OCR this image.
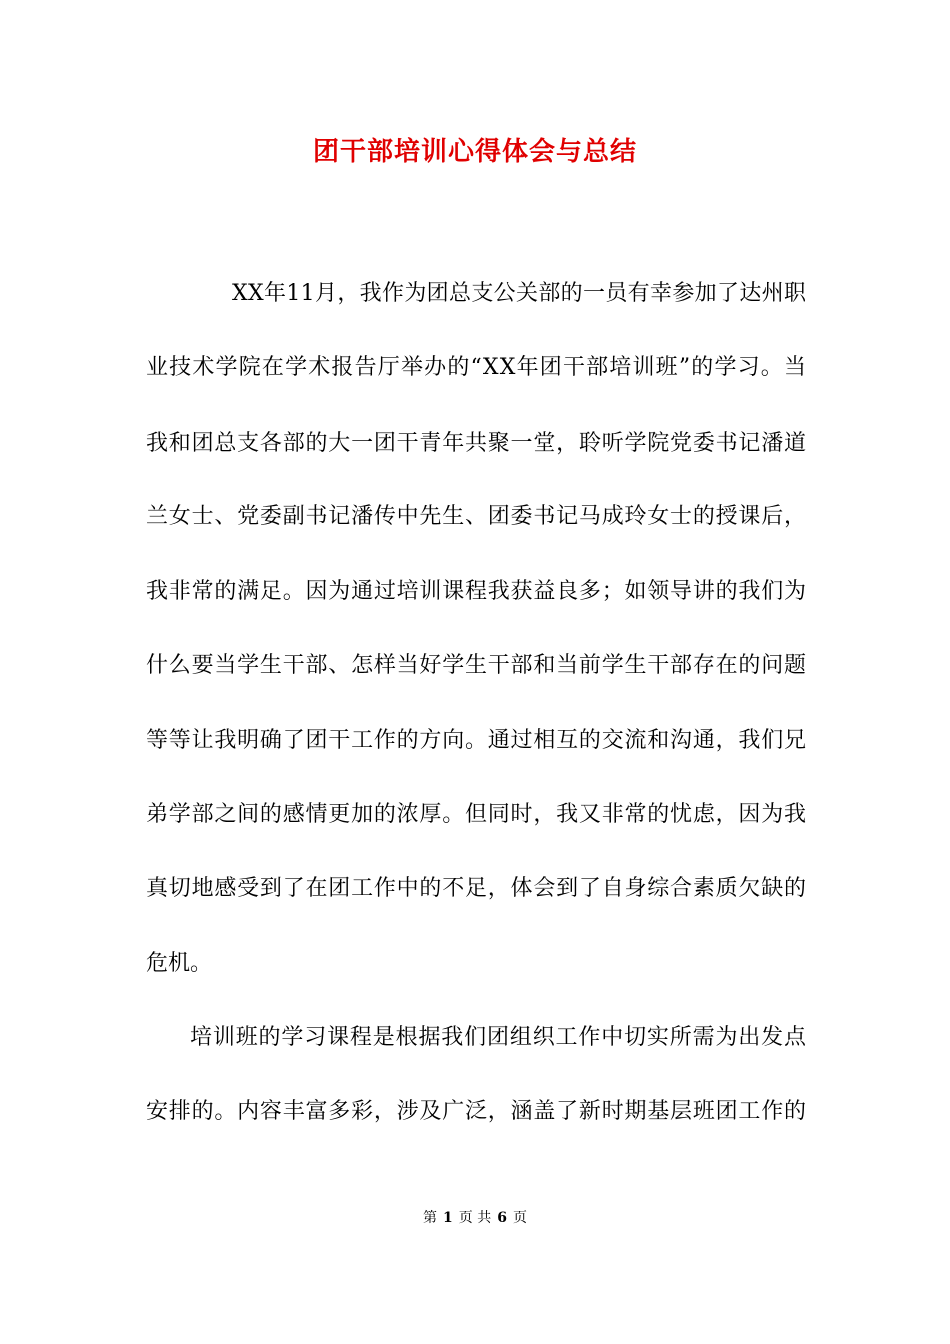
团干部培训心得体会与总结
XX年11月，我作为团总支公关部的一员有幸参加了达州职
业技术学院在学术报告厅举办的“XX年团干部培训班”的学习。当
我和团总支各部的大一团干青年共聚一堂，聆听学院党委书记潘道
兰女士、党委副书记潘传中先生、团委书记马成玲女士的授课后，
我非常的满足。因为通过培训课程我获益良多；如领导讲的我们为
什么要当学生干部、怎样当好学生干部和当前学生干部存在的问题
等等让我明确了团干工作的方向。通过相互的交流和沟通，我们兄
弟学部之间的感情更加的浓厚。但同时，我又非常的忧虑，因为我
真切地感受到了在团工作中的不足，体会到了自身综合素质欠缺的
危机。
培训班的学习课程是根据我们团组织工作中切实所需为出发点
安排的。内容丰富多彩，涉及广泛，涵盖了新时期基层班团工作的
第 1 页 共 6 页
